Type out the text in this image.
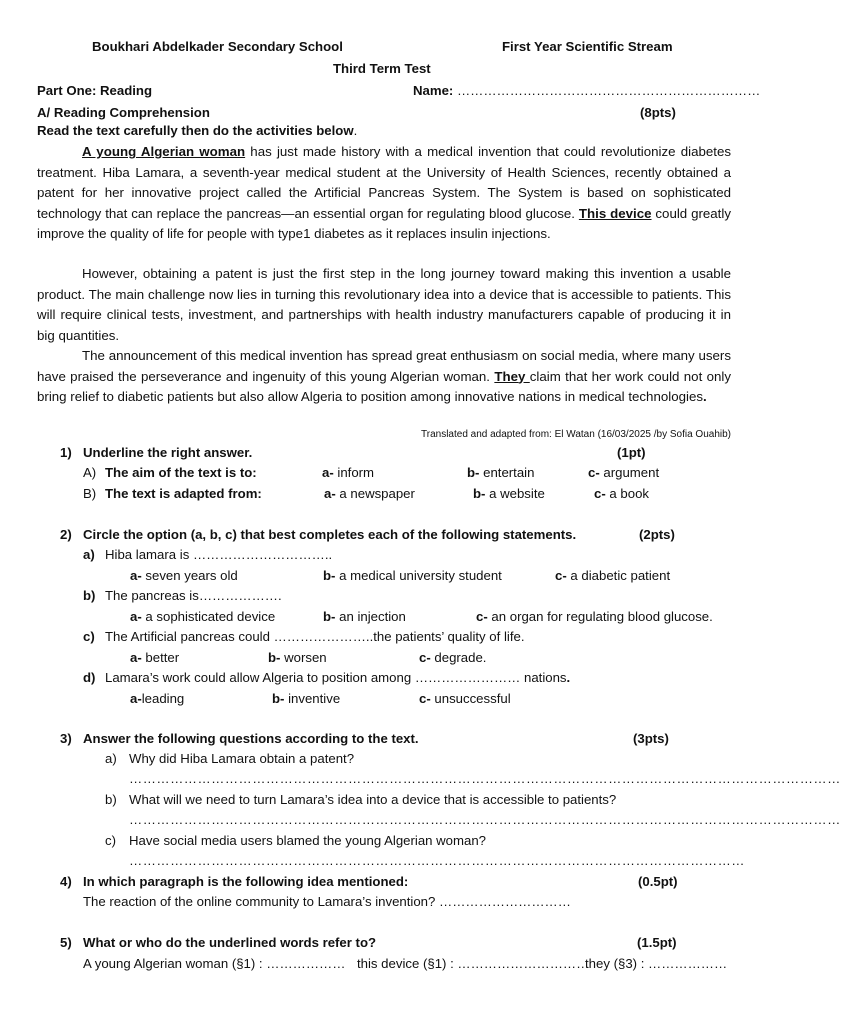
Boukhari Abdelkader Secondary School	First Year Scientific Stream
Third Term Test
Part One: Reading	Name: ……………………………………………………………
A/ Reading Comprehension	(8pts)
Read the text carefully then do the activities below.
A young Algerian woman has just made history with a medical invention that could revolutionize diabetes treatment. Hiba Lamara, a seventh-year medical student at the University of Health Sciences, recently obtained a patent for her innovative project called the Artificial Pancreas System. The System is based on sophisticated technology that can replace the pancreas—an essential organ for regulating blood glucose. This device could greatly improve the quality of life for people with type1 diabetes as it replaces insulin injections.
However, obtaining a patent is just the first step in the long journey toward making this invention a usable product. The main challenge now lies in turning this revolutionary idea into a device that is accessible to patients. This will require clinical tests, investment, and partnerships with health industry manufacturers capable of producing it in big quantities.
The announcement of this medical invention has spread great enthusiasm on social media, where many users have praised the perseverance and ingenuity of this young Algerian woman. They claim that her work could not only bring relief to diabetic patients but also allow Algeria to position among innovative nations in medical technologies.
Translated and adapted from: El Watan (16/03/2025 /by Sofia Ouahib)
1) Underline the right answer.	(1pt)
A) The aim of the text is to:	a- inform	b- entertain	c- argument
B) The text is adapted from:	a- a newspaper	b- a website	c- a book
2) Circle the option (a, b, c) that best completes each of the following statements.	(2pts)
a) Hiba lamara is …………………………..
a- seven years old	b- a medical university student	c- a diabetic patient
b) The pancreas is……………….
a- a sophisticated device	b- an injection	c- an organ for regulating blood glucose.
c) The Artificial pancreas could …………………..the patients’ quality of life.
a- better	b- worsen	c- degrade.
d) Lamara’s work could allow Algeria to position among …………………… nations.
a-leading	b- inventive	c- unsuccessful
3) Answer the following questions according to the text.	(3pts)
a) Why did Hiba Lamara obtain a patent?
…………………………………………………………………………………………………………………………………………
b) What will we need to turn Lamara’s idea into a device that is accessible to patients?
…………………………………………………………………………………………………………………………………………
c) Have social media users blamed the young Algerian woman?
………………………………………………………………………………………………………………………
4) In which paragraph is the following idea mentioned:	(0.5pt)
The reaction of the online community to Lamara’s invention? …………………………
5) What or who do the underlined words refer to?	(1.5pt)
A young Algerian woman (§1) : ……………… this device (§1) : …………………………
they (§3) : ………………
